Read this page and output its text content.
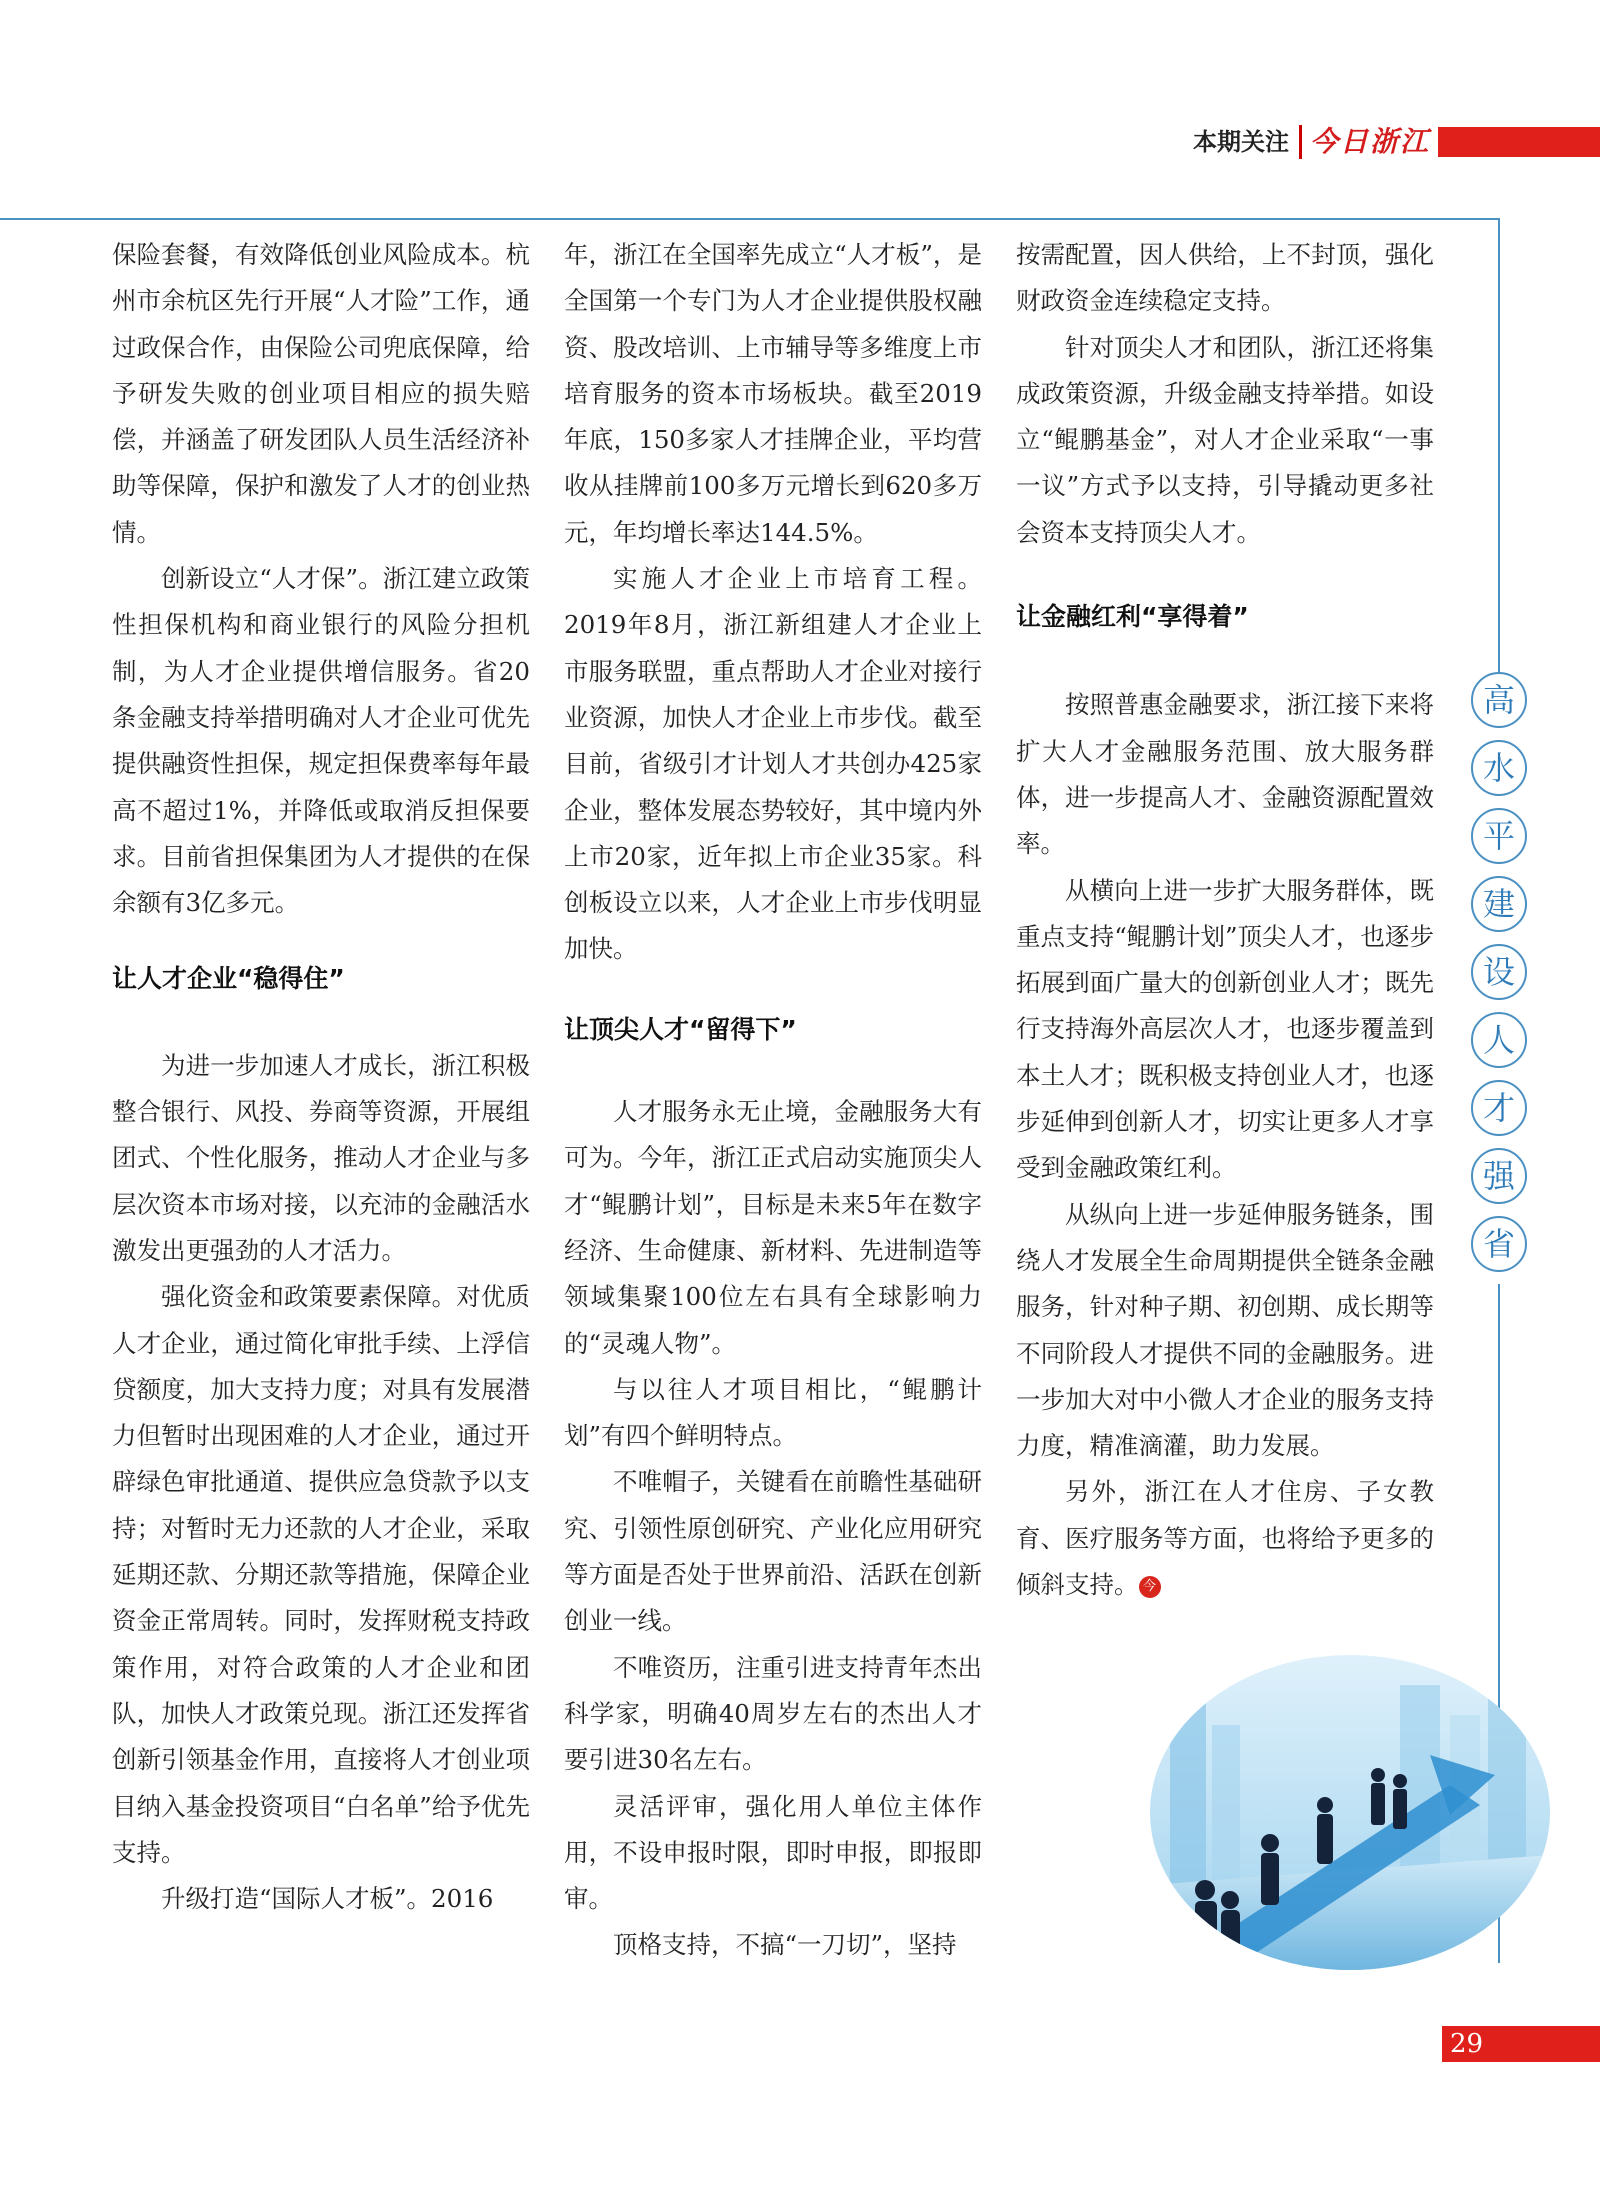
本期关注 今日浙江

保险套餐，有效降低创业风险成本。杭州市余杭区先行开展“人才险”工作，通过政保合作，由保险公司兜底保障，给予研发失败的创业项目相应的损失赔偿，并涵盖了研发团队人员生活经济补助等保障，保护和激发了人才的创业热情。

创新设立“人才保”。浙江建立政策性担保机构和商业银行的风险分担机制，为人才企业提供增信服务。省20条金融支持举措明确对人才企业可优先提供融资性担保，规定担保费率每年最高不超过1%，并降低或取消反担保要求。目前省担保集团为人才提供的在保余额有3亿多元。

让人才企业“稳得住”

为进一步加速人才成长，浙江积极整合银行、风投、券商等资源，开展组团式、个性化服务，推动人才企业与多层次资本市场对接，以充沛的金融活水激发出更强劲的人才活力。

强化资金和政策要素保障。对优质人才企业，通过简化审批手续、上浮信贷额度，加大支持力度；对具有发展潜力但暂时出现困难的人才企业，通过开辟绿色审批通道、提供应急贷款予以支持；对暂时无力还款的人才企业，采取延期还款、分期还款等措施，保障企业资金正常周转。同时，发挥财税支持政策作用，对符合政策的人才企业和团队，加快人才政策兑现。浙江还发挥省创新引领基金作用，直接将人才创业项目纳入基金投资项目“白名单”给予优先支持。

升级打造“国际人才板”。2016

年，浙江在全国率先成立“人才板”，是全国第一个专门为人才企业提供股权融资、股改培训、上市辅导等多维度上市培育服务的资本市场板块。截至2019年底，150多家人才挂牌企业，平均营收从挂牌前100多万元增长到620多万元，年均增长率达144.5%。

实施人才企业上市培育工程。2019年8月，浙江新组建人才企业上市服务联盟，重点帮助人才企业对接行业资源，加快人才企业上市步伐。截至目前，省级引才计划人才共创办425家企业，整体发展态势较好，其中境内外上市20家，近年拟上市企业35家。科创板设立以来，人才企业上市步伐明显加快。

让顶尖人才“留得下”

人才服务永无止境，金融服务大有可为。今年，浙江正式启动实施顶尖人才“鲲鹏计划”，目标是未来5年在数字经济、生命健康、新材料、先进制造等领域集聚100位左右具有全球影响力的“灵魂人物”。

与以往人才项目相比，“鲲鹏计划”有四个鲜明特点。

不唯帽子，关键看在前瞻性基础研究、引领性原创研究、产业化应用研究等方面是否处于世界前沿、活跃在创新创业一线。

不唯资历，注重引进支持青年杰出科学家，明确40周岁左右的杰出人才要引进30名左右。

灵活评审，强化用人单位主体作用，不设申报时限，即时申报，即报即审。

顶格支持，不搞“一刀切”，坚持

按需配置，因人供给，上不封顶，强化财政资金连续稳定支持。

针对顶尖人才和团队，浙江还将集成政策资源，升级金融支持举措。如设立“鲲鹏基金”，对人才企业采取“一事一议”方式予以支持，引导撬动更多社会资本支持顶尖人才。

让金融红利“享得着”

按照普惠金融要求，浙江接下来将扩大人才金融服务范围、放大服务群体，进一步提高人才、金融资源配置效率。

从横向上进一步扩大服务群体，既重点支持“鲲鹏计划”顶尖人才，也逐步拓展到面广量大的创新创业人才；既先行支持海外高层次人才，也逐步覆盖到本土人才；既积极支持创业人才，也逐步延伸到创新人才，切实让更多人才享受到金融政策红利。

从纵向上进一步延伸服务链条，围绕人才发展全生命周期提供全链条金融服务，针对种子期、初创期、成长期等不同阶段人才提供不同的金融服务。进一步加大对中小微人才企业的服务支持力度，精准滴灌，助力发展。

另外，浙江在人才住房、子女教育、医疗服务等方面，也将给予更多的倾斜支持。 今

高
水
平
建
设
人
才
强
省
29
